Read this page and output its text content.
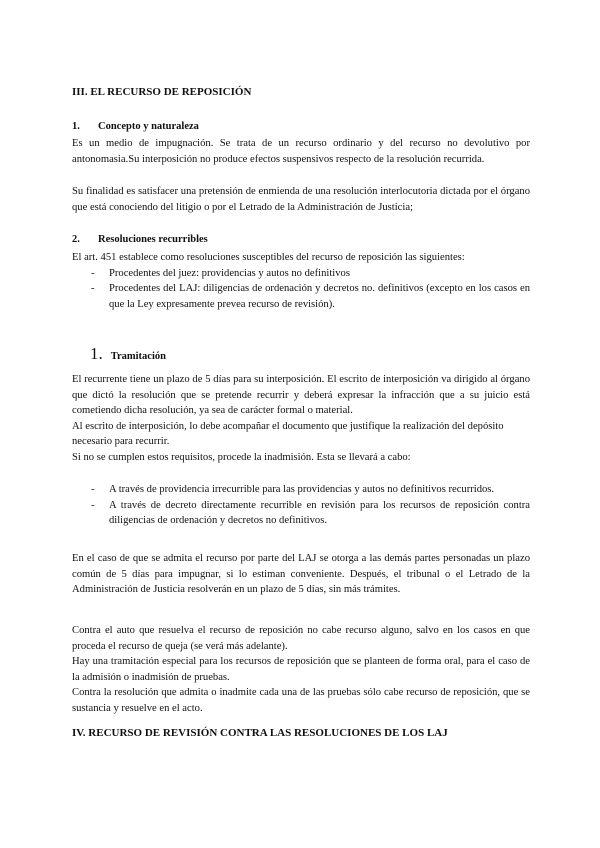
III. EL RECURSO DE REPOSICIÓN
1. Concepto y naturaleza
Es un medio de impugnación. Se trata de un recurso ordinario y del recurso no devolutivo por antonomasia.Su interposición no produce efectos suspensivos respecto de la resolución recurrida.
Su finalidad es satisfacer una pretensión de enmienda de una resolución interlocutoria dictada por el órgano que está conociendo del litigio o por el Letrado de la Administración de Justicia;
2. Resoluciones recurribles
El art. 451 establece como resoluciones susceptibles del recurso de reposición las siguientes:
- Procedentes del juez: providencias y autos no definitivos
- Procedentes del LAJ: diligencias de ordenación y decretos no. definitivos (excepto en los casos en que la Ley expresamente prevea recurso de revisión).
1. Tramitación
El recurrente tiene un plazo de 5 días para su interposición. El escrito de interposición va dirigido al órgano que dictó la resolución que se pretende recurrir y deberá expresar la infracción que a su juicio está cometiendo dicha resolución, ya sea de carácter formal o material.
Al escrito de interposición, lo debe acompañar el documento que justifique la realización del depósito necesario para recurrir.
Si no se cumplen estos requisitos, procede la inadmisión. Esta se llevará a cabo:
- A través de providencia irrecurrible para las providencias y autos no definitivos recurridos.
- A través de decreto directamente recurrible en revisión para los recursos de reposición contra diligencias de ordenación y decretos no definitivos.
En el caso de que se admita el recurso por parte del LAJ se otorga a las demás partes personadas un plazo común de 5 días para impugnar, si lo estiman conveniente. Después, el tribunal o el Letrado de la Administración de Justicia resolverán en un plazo de 5 días, sin más trámites.
Contra el auto que resuelva el recurso de reposición no cabe recurso alguno, salvo en los casos en que proceda el recurso de queja (se verá más adelante).
Hay una tramitación especial para los recursos de reposición que se planteen de forma oral, para el caso de la admisión o inadmisión de pruebas.
Contra la resolución que admita o inadmite cada una de las pruebas sólo cabe recurso de reposición, que se sustancia y resuelve en el acto.
IV. RECURSO DE REVISIÓN CONTRA LAS RESOLUCIONES DE LOS LAJ
